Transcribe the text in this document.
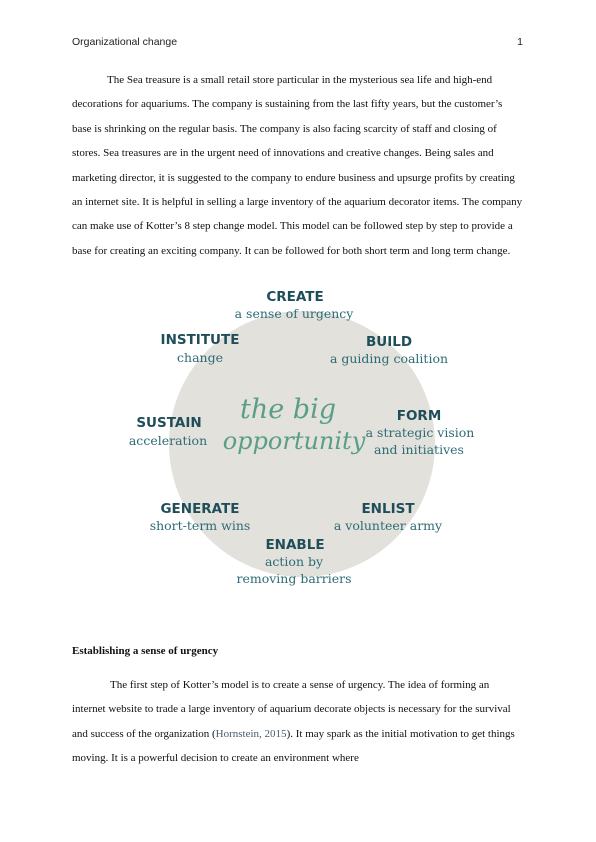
Organizational change	1

The Sea treasure is a small retail store particular in the mysterious sea life and high-end decorations for aquariums. The company is sustaining from the last fifty years, but the customer’s base is shrinking on the regular basis. The company is also facing scarcity of staff and closing of stores. Sea treasures are in the urgent need of innovations and creative changes. Being sales and marketing director, it is suggested to the company to endure business and upsurge profits by creating an internet site. It is helpful in selling a large inventory of the aquarium decorator items. The company can make use of Kotter’s 8 step change model. This model can be followed step by step to provide a base for creating an exciting company. It can be followed for both short term and long term change.

the big
opportunity
CREATE
a sense of urgency
BUILD
a guiding coalition
FORM
a strategic vision
and initiatives
ENLIST
a volunteer army
ENABLE
action by
removing barriers
GENERATE
short-term wins
SUSTAIN
acceleration
INSTITUTE
change
Establishing a sense of urgency

The first step of Kotter’s model is to create a sense of urgency. The idea of forming an internet website to trade a large inventory of aquarium decorate objects is necessary for the survival and success of the organization (Hornstein, 2015). It may spark as the initial motivation to get things moving. It is a powerful decision to create an environment where
